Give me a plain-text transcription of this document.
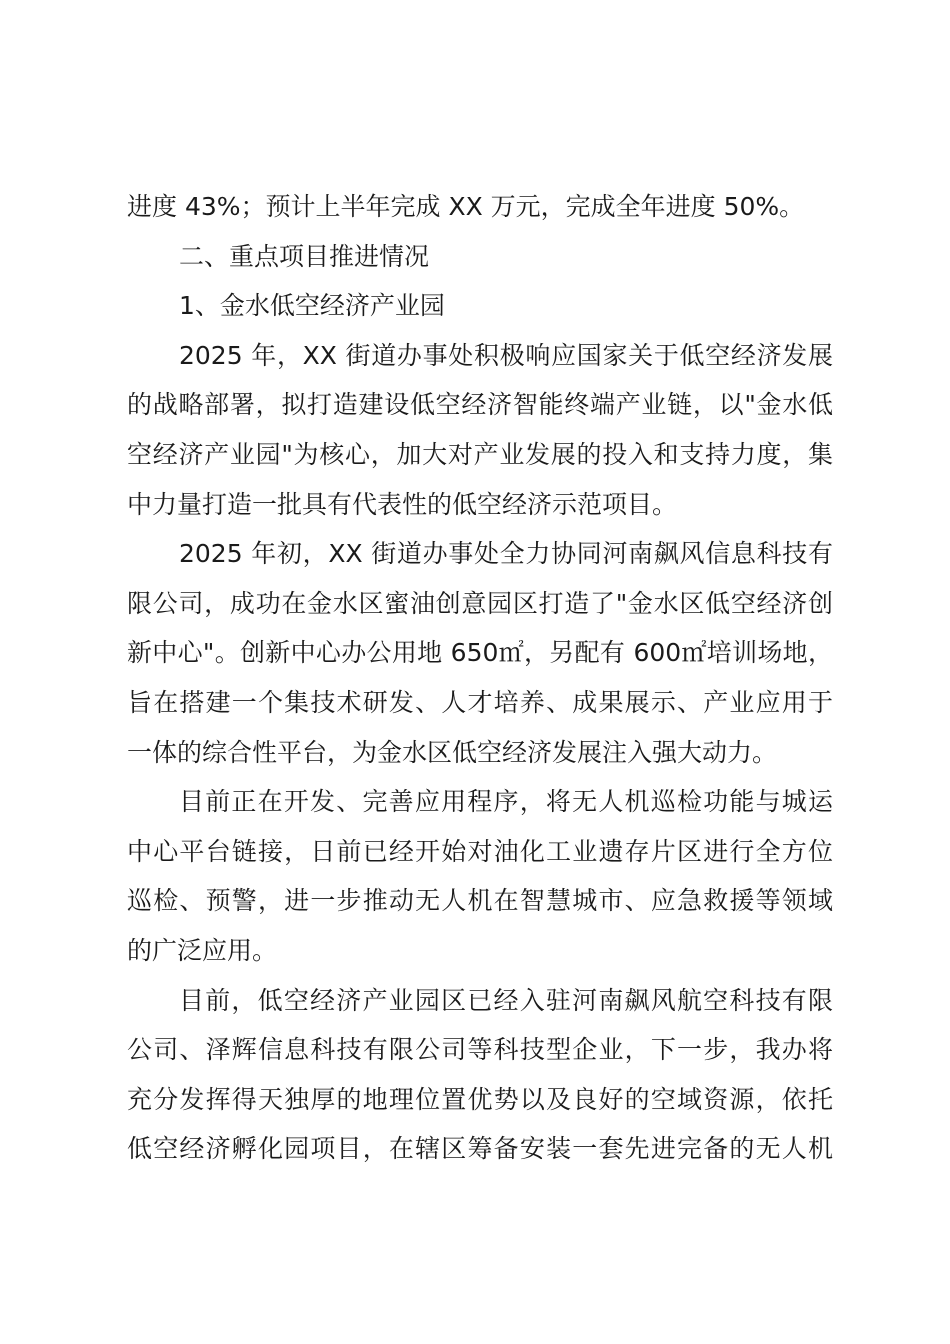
进度 43%；预计上半年完成 XX 万元，完成全年进度 50%。
二、重点项目推进情况
1、金水低空经济产业园
2025 年，XX 街道办事处积极响应国家关于低空经济发展
的战略部署，拟打造建设低空经济智能终端产业链，以"金水低
空经济产业园"为核心，加大对产业发展的投入和支持力度，集
中力量打造一批具有代表性的低空经济示范项目。
2025 年初，XX 街道办事处全力协同河南飙风信息科技有
限公司，成功在金水区蜜油创意园区打造了"金水区低空经济创
新中心"。创新中心办公用地 650㎡，另配有 600㎡培训场地，
旨在搭建一个集技术研发、人才培养、成果展示、产业应用于
一体的综合性平台，为金水区低空经济发展注入强大动力。
目前正在开发、完善应用程序，将无人机巡检功能与城运
中心平台链接，日前已经开始对油化工业遗存片区进行全方位
巡检、预警，进一步推动无人机在智慧城市、应急救援等领域
的广泛应用。
目前，低空经济产业园区已经入驻河南飙风航空科技有限
公司、泽辉信息科技有限公司等科技型企业，下一步，我办将
充分发挥得天独厚的地理位置优势以及良好的空域资源，依托
低空经济孵化园项目，在辖区筹备安装一套先进完备的无人机
